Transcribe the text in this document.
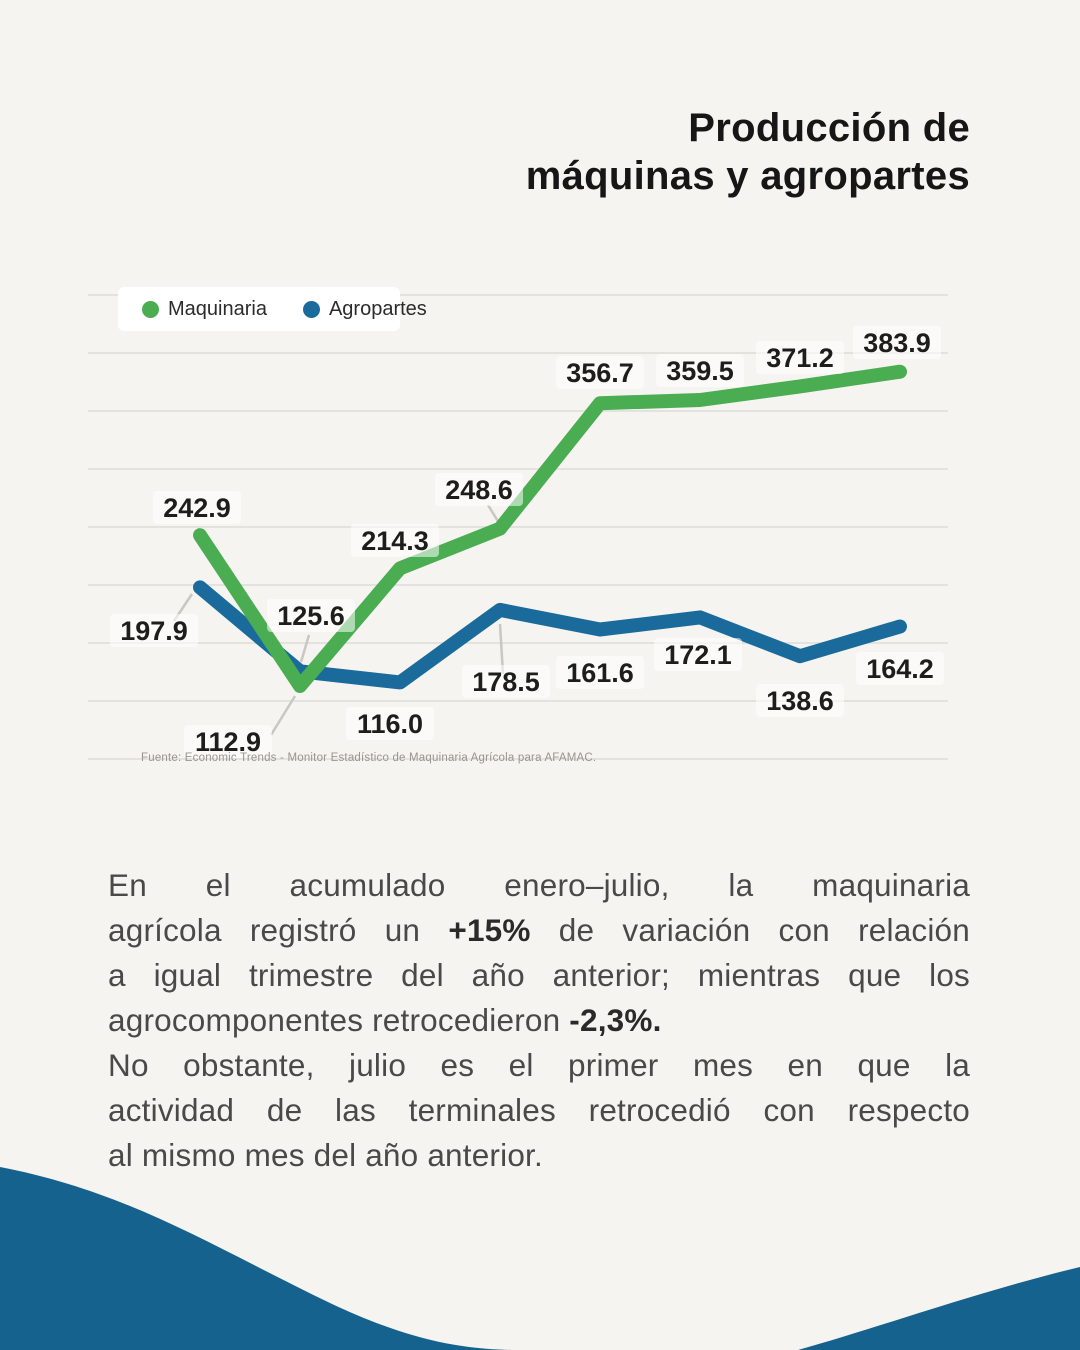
Producción de
máquinas y agropartes
242.9
112.9
214.3
248.6
356.7 359.5 371.2 383.9
197.9	125.6
116.0
178.5 161.6
172.1
138.6
164.2
Maquinaria	Agropartes
Fuente: Economic Trends - Monitor Estadístico de Maquinaria Agrícola para AFAMAC.
En el acumulado enero–julio, la maquinaria
agrícola registró un +15% de variación con relación
a igual trimestre del año anterior; mientras que los
agrocomponentes retrocedieron -2,3%.
No obstante, julio es el primer mes en que la
actividad de las terminales retrocedió con respecto
al mismo mes del año anterior.
